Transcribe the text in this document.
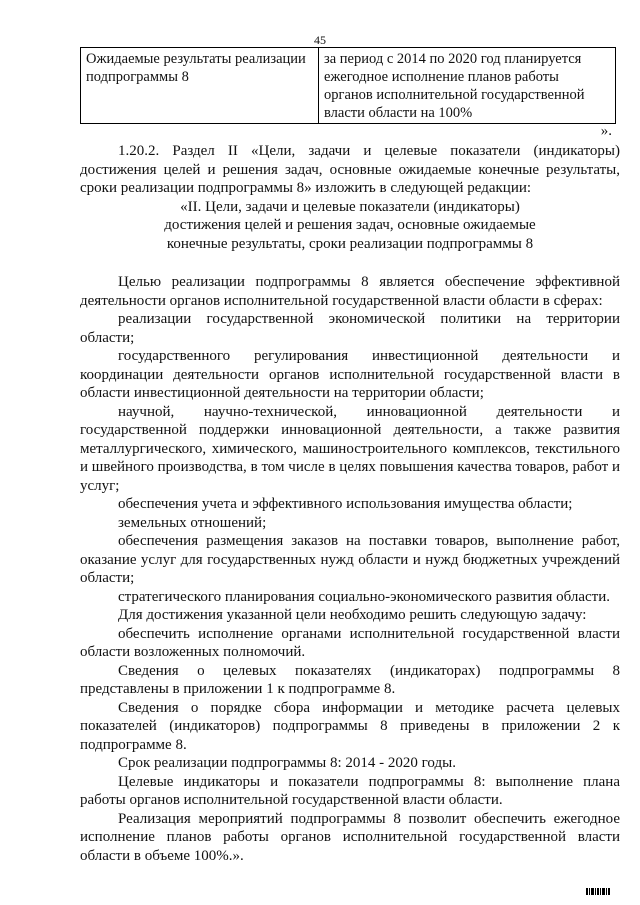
45
Ожидаемые результаты реализации подпрограммы 8	за период с 2014 по 2020 год планируется ежегодное исполнение планов работы органов исполнительной государственной власти области на 100%
».

1.20.2. Раздел II «Цели, задачи и целевые показатели (индикаторы) достижения целей и решения задач, основные ожидаемые конечные результаты, сроки реализации подпрограммы 8» изложить в следующей редакции:

«II. Цели, задачи и целевые показатели (индикаторы)
достижения целей и решения задач, основные ожидаемые
конечные результаты, сроки реализации подпрограммы 8

Целью реализации подпрограммы 8 является обеспечение эффективной деятельности органов исполнительной государственной власти области в сферах:

реализации государственной экономической политики на территории области;

государственного регулирования инвестиционной деятельности и координации деятельности органов исполнительной государственной власти в области инвестиционной деятельности на территории области;

научной, научно-технической, инновационной деятельности и государственной поддержки инновационной деятельности, а также развития металлургического, химического, машиностроительного комплексов, текстильного и швейного производства, в том числе в целях повышения качества товаров, работ и услуг;

обеспечения учета и эффективного использования имущества области;

земельных отношений;

обеспечения размещения заказов на поставки товаров, выполнение работ, оказание услуг для государственных нужд области и нужд бюджетных учреждений области;

стратегического планирования социально-экономического развития области.

Для достижения указанной цели необходимо решить следующую задачу:

обеспечить исполнение органами исполнительной государственной власти области возложенных полномочий.

Сведения о целевых показателях (индикаторах) подпрограммы 8 представлены в приложении 1 к подпрограмме 8.

Сведения о порядке сбора информации и методике расчета целевых показателей (индикаторов) подпрограммы 8 приведены в приложении 2 к подпрограмме 8.

Срок реализации подпрограммы 8: 2014 - 2020 годы.

Целевые индикаторы и показатели подпрограммы 8: выполнение плана работы органов исполнительной государственной власти области.

Реализация мероприятий подпрограммы 8 позволит обеспечить ежегодное исполнение планов работы органов исполнительной государственной власти области в объеме 100%.».
